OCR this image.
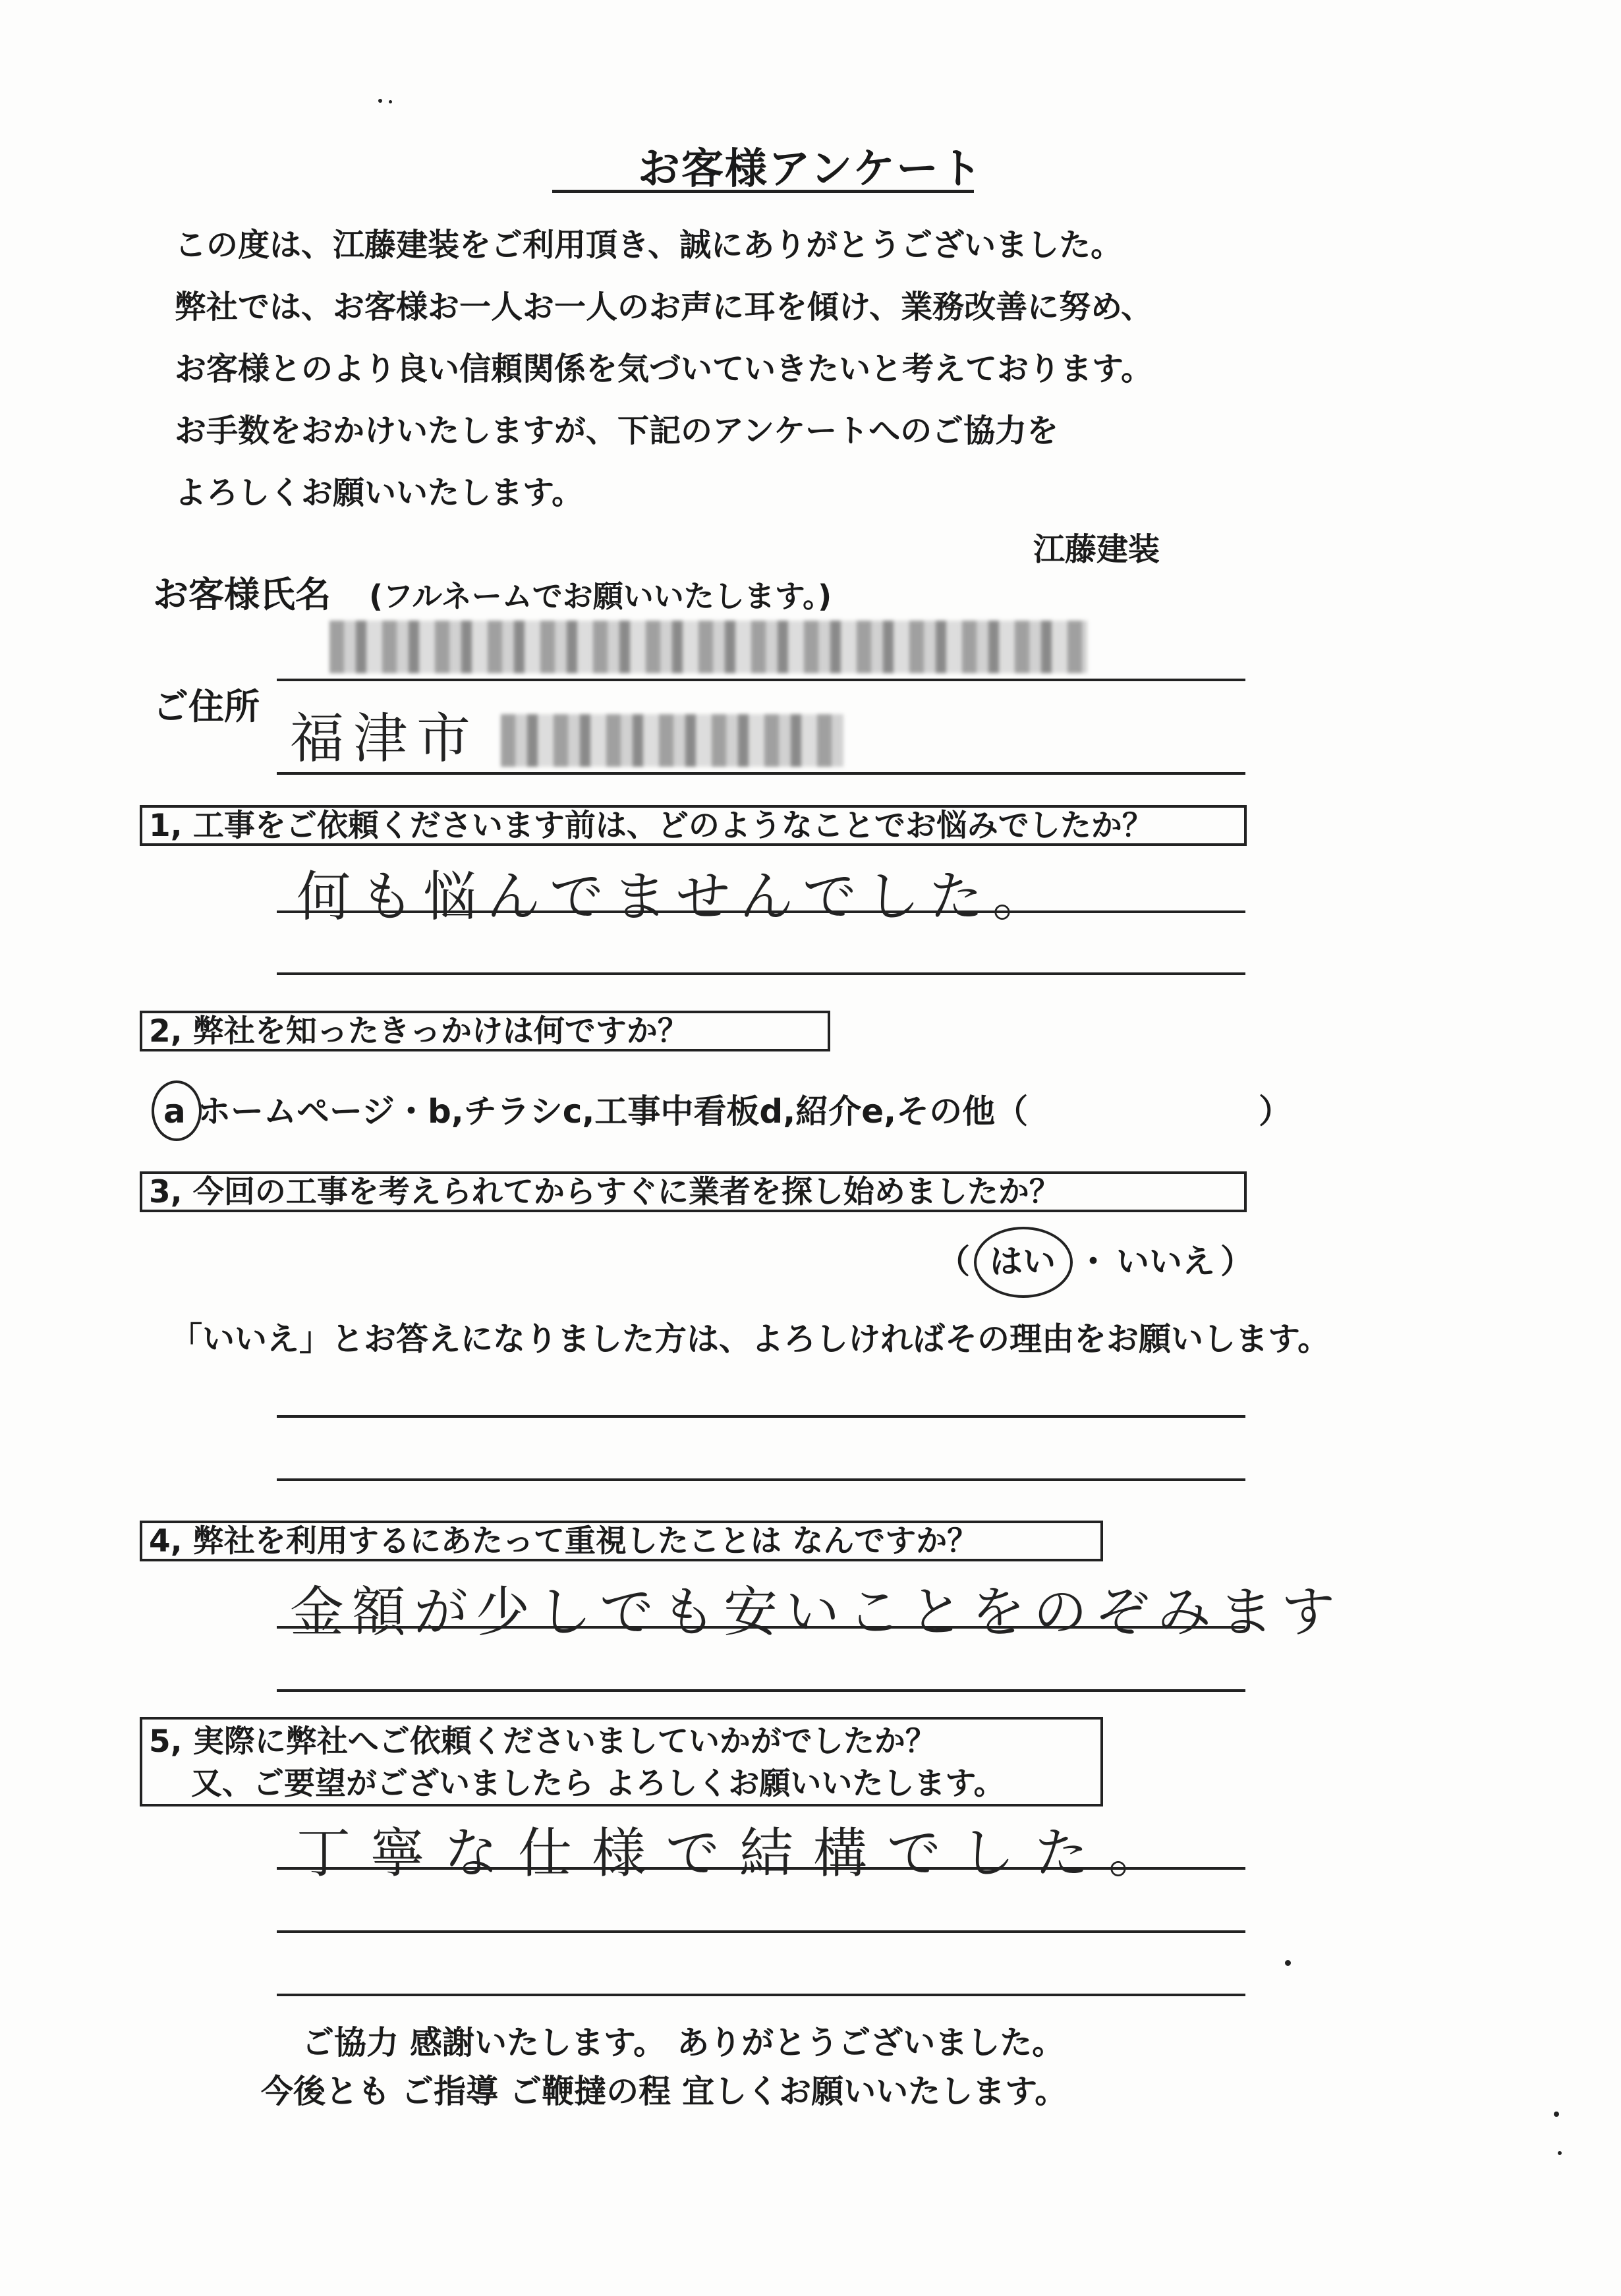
お客様アンケート
この度は、江藤建装をご利用頂き、誠にありがとうございました。
弊社では、お客様お一人お一人のお声に耳を傾け、業務改善に努め、
お客様とのより良い信頼関係を気づいていきたいと考えております。
お手数をおかけいたしますが、下記のアンケートへのご協力を
よろしくお願いいたします。
江藤建装
お客様氏名 (フルネームでお願いいたします。)
ご住所
福津市
1, 工事をご依頼くださいます前は、どのようなことでお悩みでしたか？
何も悩んでませんでした。
2, 弊社を知ったきっかけは何ですか？
a ホームページ・b,チラシc,工事中看板d,紹介e,その他（	）
3, 今回の工事を考えられてからすぐに業者を探し始めましたか？
（ はい ・ いいえ ）
「いいえ」とお答えになりました方は、よろしければその理由をお願いします。
4, 弊社を利用するにあたって重視したことは なんですか？
金額が少しでも安いことをのぞみます
5, 実際に弊社へご依頼くださいましていかがでしたか？
又、ご要望がございましたら よろしくお願いいたします。
丁寧な仕様で結構でした。
ご協力 感謝いたします。 ありがとうございました。
今後とも ご指導 ご鞭撻の程 宜しくお願いいたします。
